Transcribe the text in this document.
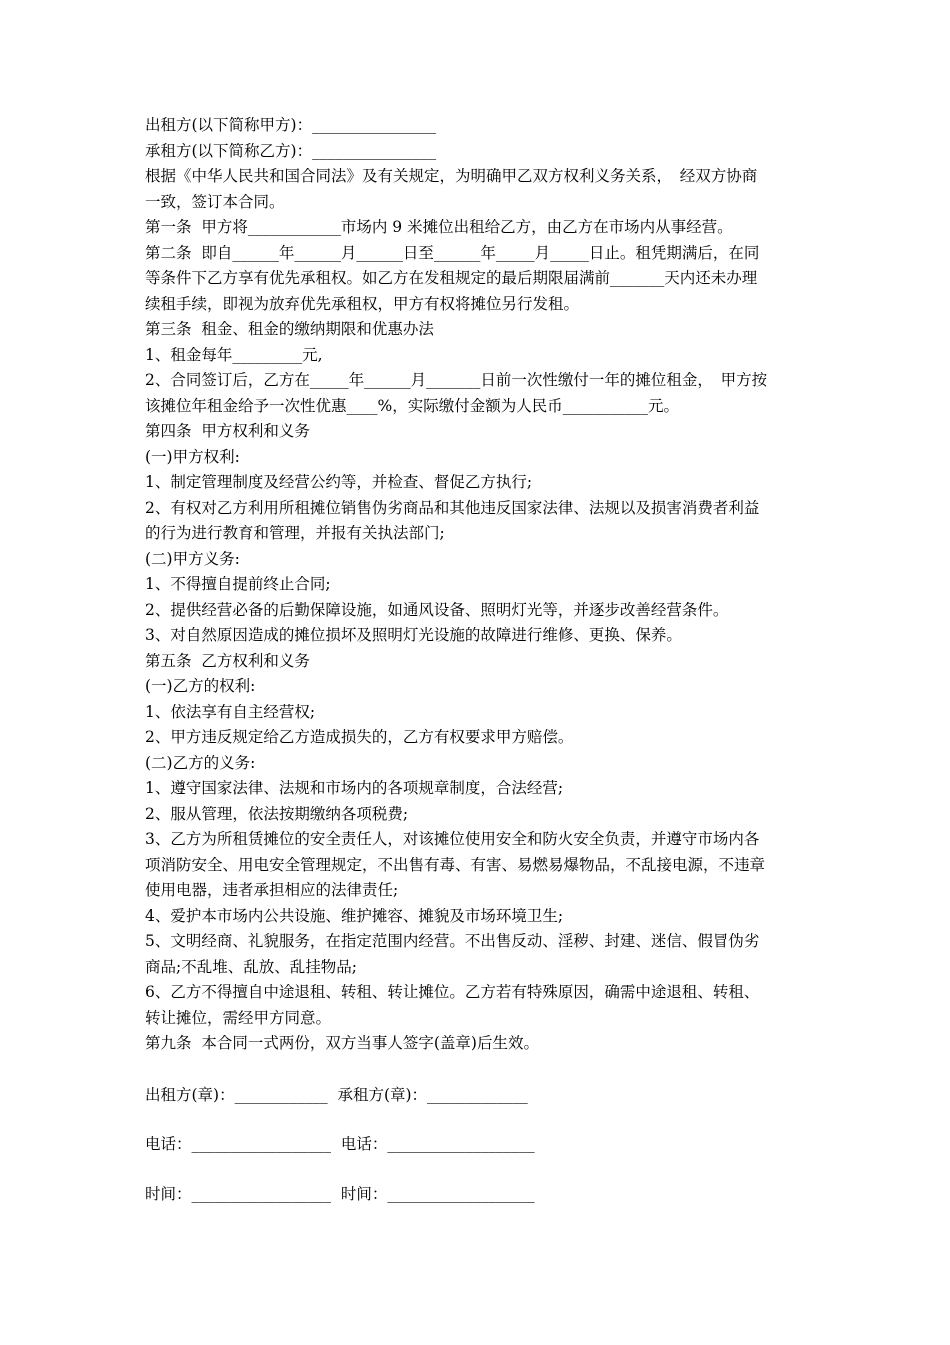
出租方(以下简称甲方)：________________
承租方(以下简称乙方)：________________
根据《中华人民共和国合同法》及有关规定，为明确甲乙双方权利义务关系，　经双方协商
一致，签订本合同。
第一条  甲方将____________市场内 9 米摊位出租给乙方，由乙方在市场内从事经营。
第二条  即自______年______月______日至______年_____月_____日止。租凭期满后，在同
等条件下乙方享有优先承租权。如乙方在发租规定的最后期限届满前_______天内还未办理
续租手续，即视为放弃优先承租权，甲方有权将摊位另行发租。
第三条  租金、租金的缴纳期限和优惠办法
1、租金每年_________元,
2、合同签订后，乙方在_____年______月_______日前一次性缴付一年的摊位租金，　甲方按
该摊位年租金给予一次性优惠____%，实际缴付金额为人民币___________元。
第四条  甲方权利和义务
(一)甲方权利:
1、制定管理制度及经营公约等，并检查、督促乙方执行;
2、有权对乙方利用所租摊位销售伪劣商品和其他违反国家法律、法规以及损害消费者利益
的行为进行教育和管理，并报有关执法部门;
(二)甲方义务:
1、不得擅自提前终止合同;
2、提供经营必备的后勤保障设施，如通风设备、照明灯光等，并逐步改善经营条件。
3、对自然原因造成的摊位损坏及照明灯光设施的故障进行维修、更换、保养。
第五条  乙方权利和义务
(一)乙方的权利:
1、依法享有自主经营权;
2、甲方违反规定给乙方造成损失的，乙方有权要求甲方赔偿。
(二)乙方的义务:
1、遵守国家法律、法规和市场内的各项规章制度，合法经营;
2、服从管理，依法按期缴纳各项税费;
3、乙方为所租赁摊位的安全责任人，对该摊位使用安全和防火安全负责，并遵守市场内各
项消防安全、用电安全管理规定，不出售有毒、有害、易燃易爆物品，不乱接电源，不违章
使用电器，违者承担相应的法律责任;
4、爱护本市场内公共设施、维护摊容、摊貌及市场环境卫生;
5、文明经商、礼貌服务，在指定范围内经营。不出售反动、淫秽、封建、迷信、假冒伪劣
商品;不乱堆、乱放、乱挂物品;
6、乙方不得擅自中途退租、转租、转让摊位。乙方若有特殊原因，确需中途退租、转租、
转让摊位，需经甲方同意。
第九条  本合同一式两份，双方当事人签字(盖章)后生效。
出租方(章)：____________  承租方(章)：_____________
电话：__________________  电话：___________________
时间：__________________  时间：___________________
